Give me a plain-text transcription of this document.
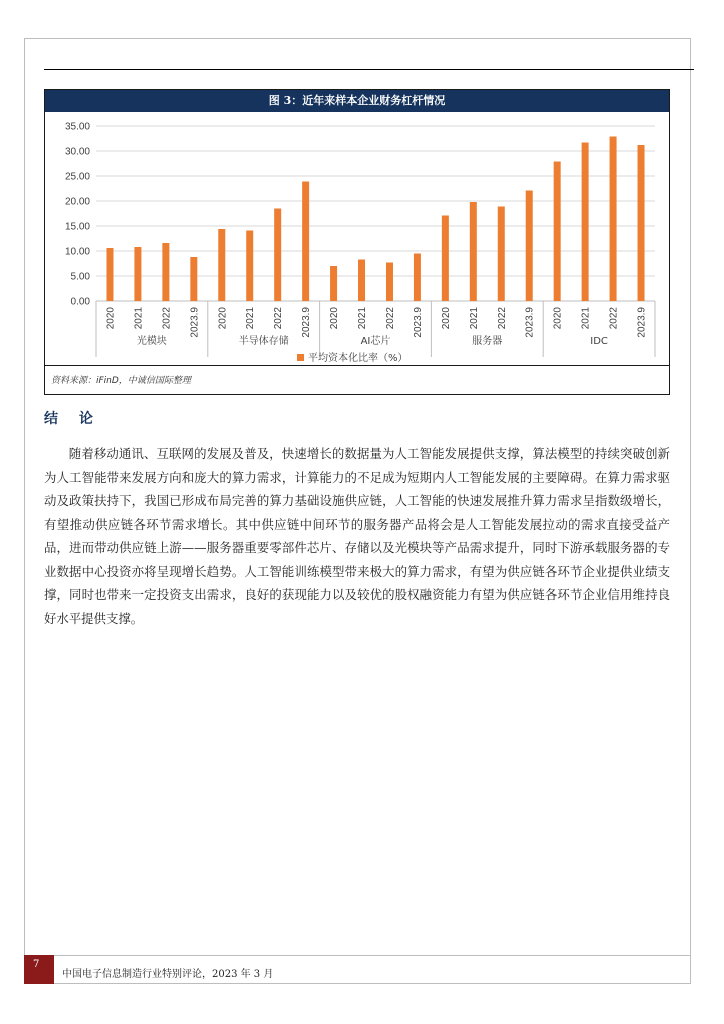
图 3：近年来样本企业财务杠杆情况
0.00
5.00
10.00
15.00
20.00
25.00
30.00
35.00
2020 2021 2022 2023.9
光模块
2020 2021 2022 2023.9
半导体存储
2020 2021 2022 2023.9
AI芯片
2020 2021 2022 2023.9
服务器
2020 2021 2022 2023.9
IDC
平均资本化比率（%）
资料来源：iFinD，中诚信国际整理
结 论
随着移动通讯、互联网的发展及普及，快速增长的数据量为人工智能发展提供支撑，算法模型的持续突破创新为人工智能带来发展方向和庞大的算力需求，计算能力的不足成为短期内人工智能发展的主要障碍。在算力需求驱动及政策扶持下，我国已形成布局完善的算力基础设施供应链，人工智能的快速发展推升算力需求呈指数级增长，有望推动供应链各环节需求增长。其中供应链中间环节的服务器产品将会是人工智能发展拉动的需求直接受益产品，进而带动供应链上游——服务器重要零部件芯片、存储以及光模块等产品需求提升，同时下游承载服务器的专业数据中心投资亦将呈现增长趋势。人工智能训练模型带来极大的算力需求，有望为供应链各环节企业提供业绩支撑，同时也带来一定投资支出需求，良好的获现能力以及较优的股权融资能力有望为供应链各环节企业信用维持良好水平提供支撑。
7
中国电子信息制造行业特别评论，2023 年 3 月
